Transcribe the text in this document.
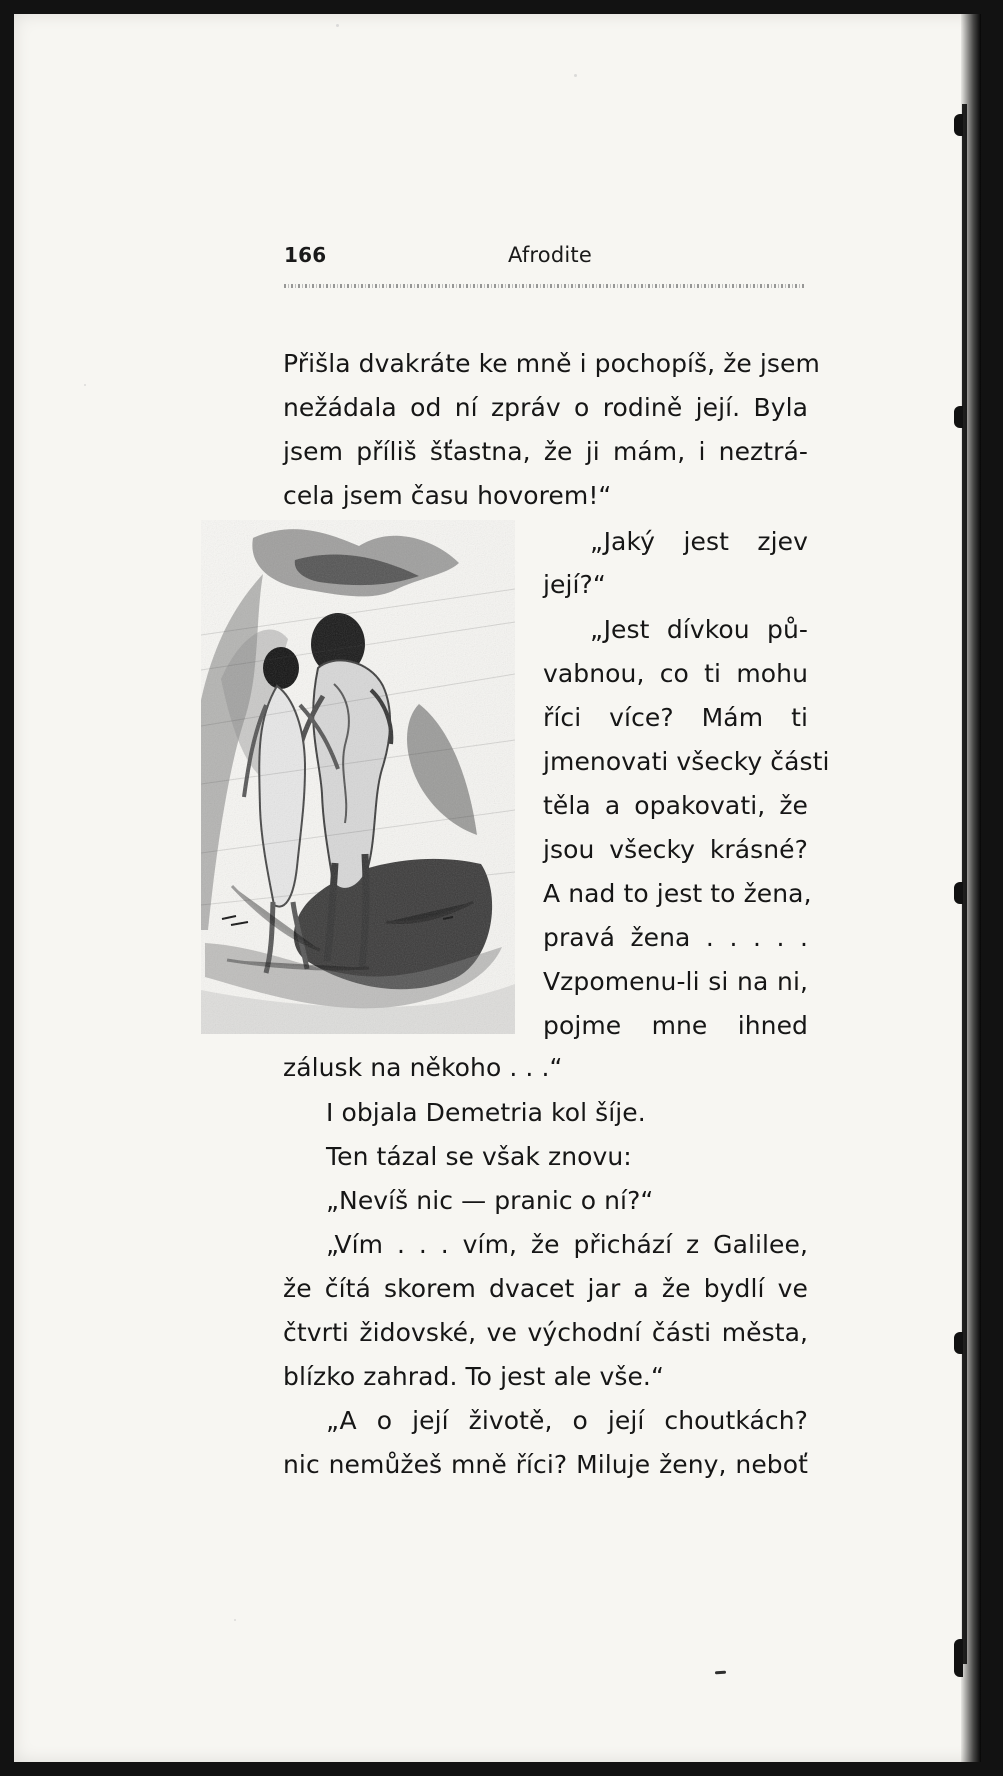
166	Afrodite
Přišla dvakráte ke mně i pochopíš, že jsem
nežádala od ní zpráv o rodině její. Byla
jsem příliš šťastna, že ji mám, i neztrá-
cela jsem času hovorem!“
„Jaký jest zjev
její?“
„Jest dívkou pů-
vabnou, co ti mohu
říci více? Mám ti
jmenovati všecky části
těla a opakovati, že
jsou všecky krásné?
A nad to jest to žena,
pravá žena . . . . .
Vzpomenu-li si na ni,
pojme mne ihned
zálusk na někoho . . .“
I objala Demetria kol šíje.
Ten tázal se však znovu:
„Nevíš nic — pranic o ní?“
„Vím . . . vím, že přichází z Galilee,
že čítá skorem dvacet jar a že bydlí ve
čtvrti židovské, ve východní části města,
blízko zahrad. To jest ale vše.“
„A o její životě, o její choutkách?
nic nemůžeš mně říci? Miluje ženy, neboť
